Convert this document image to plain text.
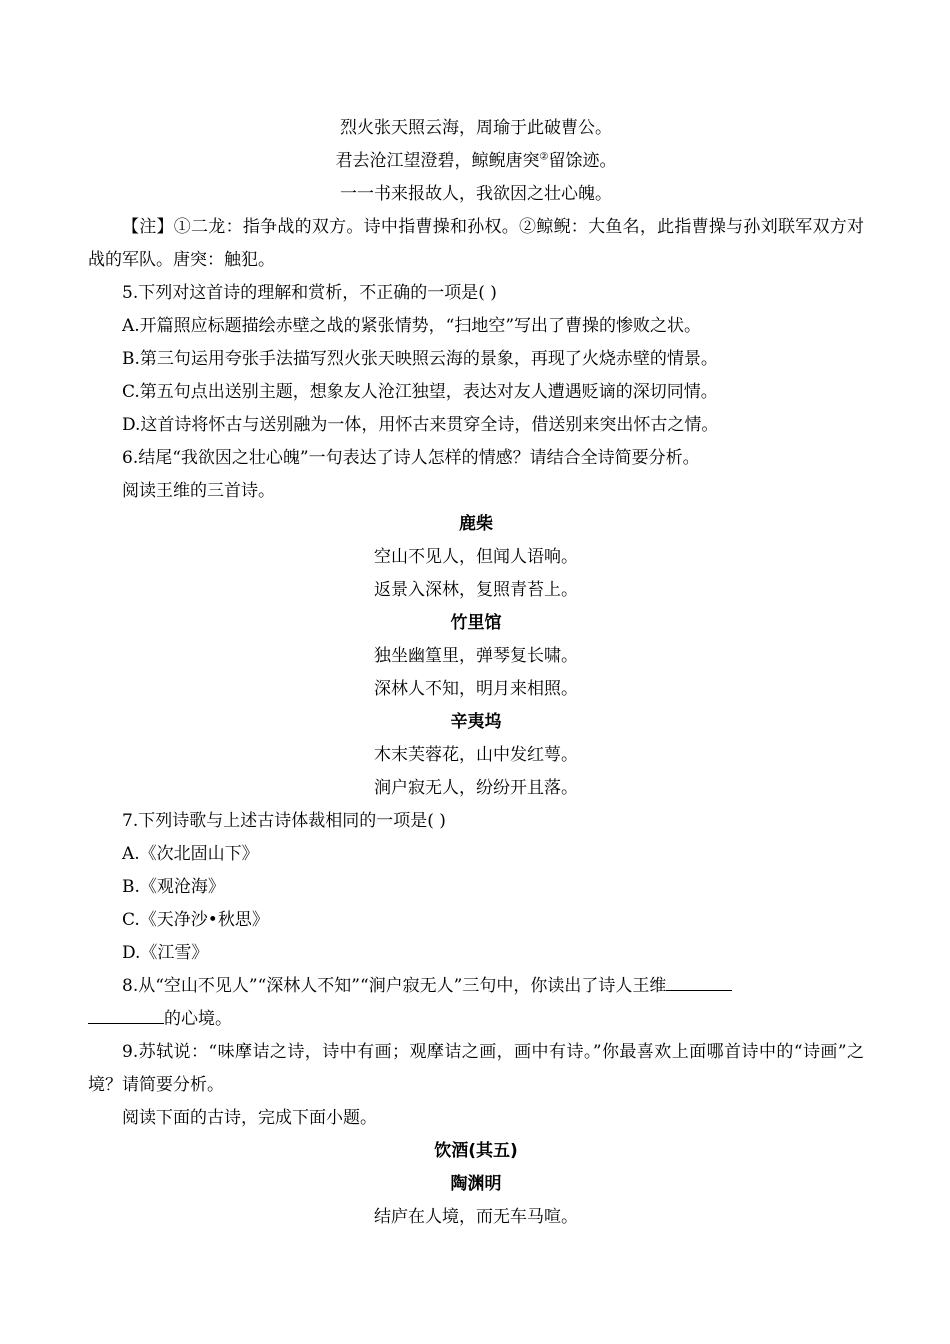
烈火张天照云海，周瑜于此破曹公。

君去沧江望澄碧，鲸鲵唐突②留馀迹。

一一书来报故人，我欲因之壮心魄。

【注】①二龙：指争战的双方。诗中指曹操和孙权。②鲸鲵：大鱼名，此指曹操与孙刘联军双方对战的军队。唐突：触犯。

5.下列对这首诗的理解和赏析，不正确的一项是( )

A.开篇照应标题描绘赤壁之战的紧张情势，“扫地空”写出了曹操的惨败之状。

B.第三句运用夸张手法描写烈火张天映照云海的景象，再现了火烧赤壁的情景。

C.第五句点出送别主题，想象友人沧江独望，表达对友人遭遇贬谪的深切同情。

D.这首诗将怀古与送别融为一体，用怀古来贯穿全诗，借送别来突出怀古之情。

6.结尾“我欲因之壮心魄”一句表达了诗人怎样的情感？请结合全诗简要分析。

阅读王维的三首诗。

鹿柴

空山不见人，但闻人语响。

返景入深林，复照青苔上。

竹里馆

独坐幽篁里，弹琴复长啸。

深林人不知，明月来相照。

辛夷坞

木末芙蓉花，山中发红萼。

涧户寂无人，纷纷开且落。

7.下列诗歌与上述古诗体裁相同的一项是( )

A.《次北固山下》

B.《观沧海》

C.《天净沙•秋思》

D.《江雪》

8.从“空山不见人”“深林人不知”“涧户寂无人”三句中，你读出了诗人王维

的心境。

9.苏轼说：“味摩诘之诗，诗中有画；观摩诘之画，画中有诗。”你最喜欢上面哪首诗中的“诗画”之境？请简要分析。

阅读下面的古诗，完成下面小题。

饮酒(其五)

陶渊明

结庐在人境，而无车马喧。
